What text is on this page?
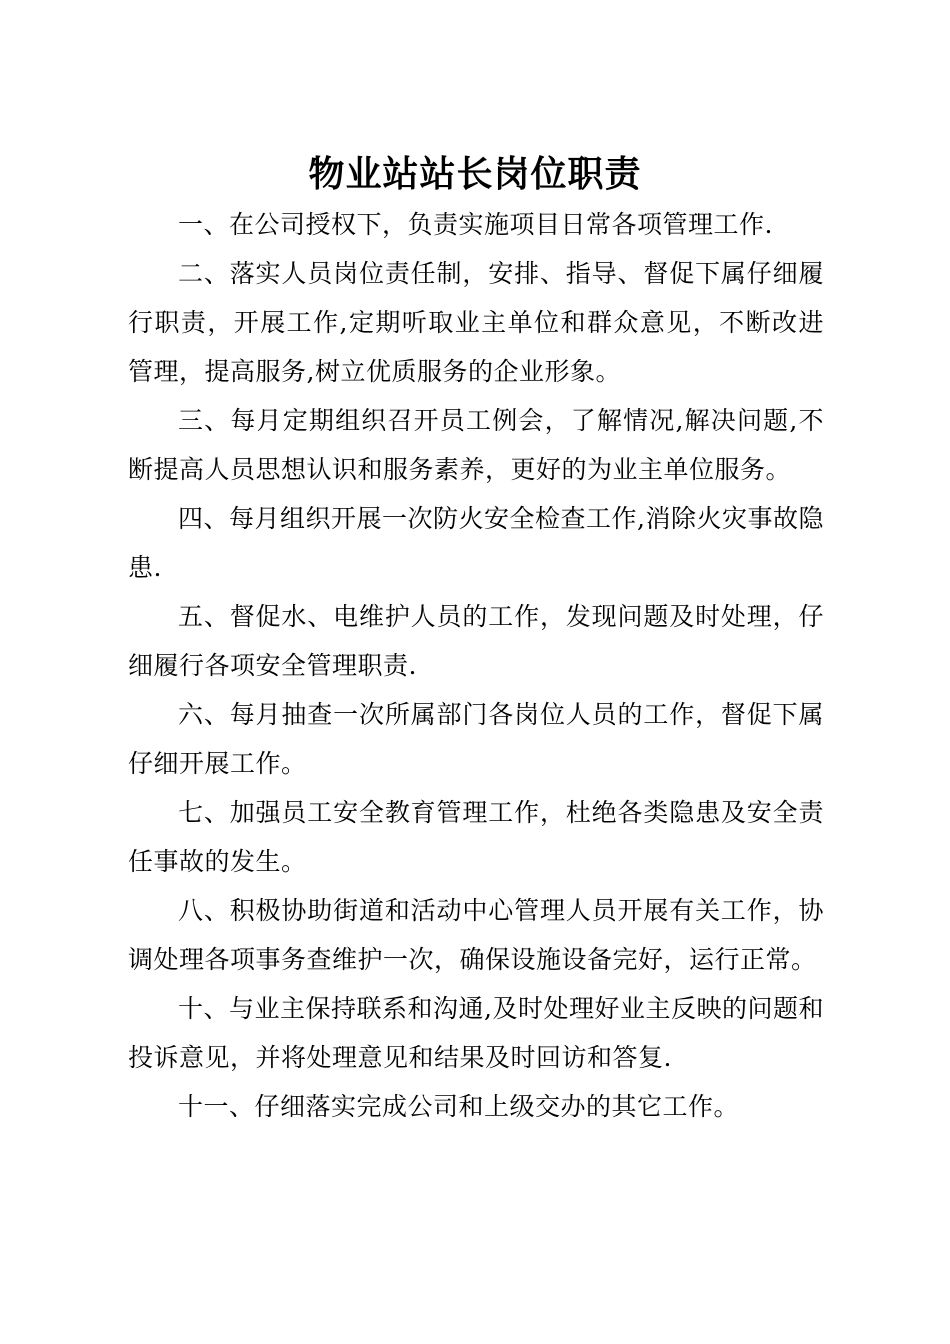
物业站站长岗位职责

一、在公司授权下，负责实施项目日常各项管理工作.

二、落实人员岗位责任制，安排、指导、督促下属仔细履行职责，开展工作,定期听取业主单位和群众意见，不断改进管理，提高服务,树立优质服务的企业形象。

三、每月定期组织召开员工例会，了解情况,解决问题,不断提高人员思想认识和服务素养，更好的为业主单位服务。

四、每月组织开展一次防火安全检查工作,消除火灾事故隐患.

五、督促水、电维护人员的工作，发现问题及时处理，仔细履行各项安全管理职责.

六、每月抽查一次所属部门各岗位人员的工作，督促下属仔细开展工作。

七、加强员工安全教育管理工作，杜绝各类隐患及安全责任事故的发生。

八、积极协助街道和活动中心管理人员开展有关工作，协调处理各项事务查维护一次，确保设施设备完好，运行正常。

十、与业主保持联系和沟通,及时处理好业主反映的问题和投诉意见，并将处理意见和结果及时回访和答复.

十一、仔细落实完成公司和上级交办的其它工作。
